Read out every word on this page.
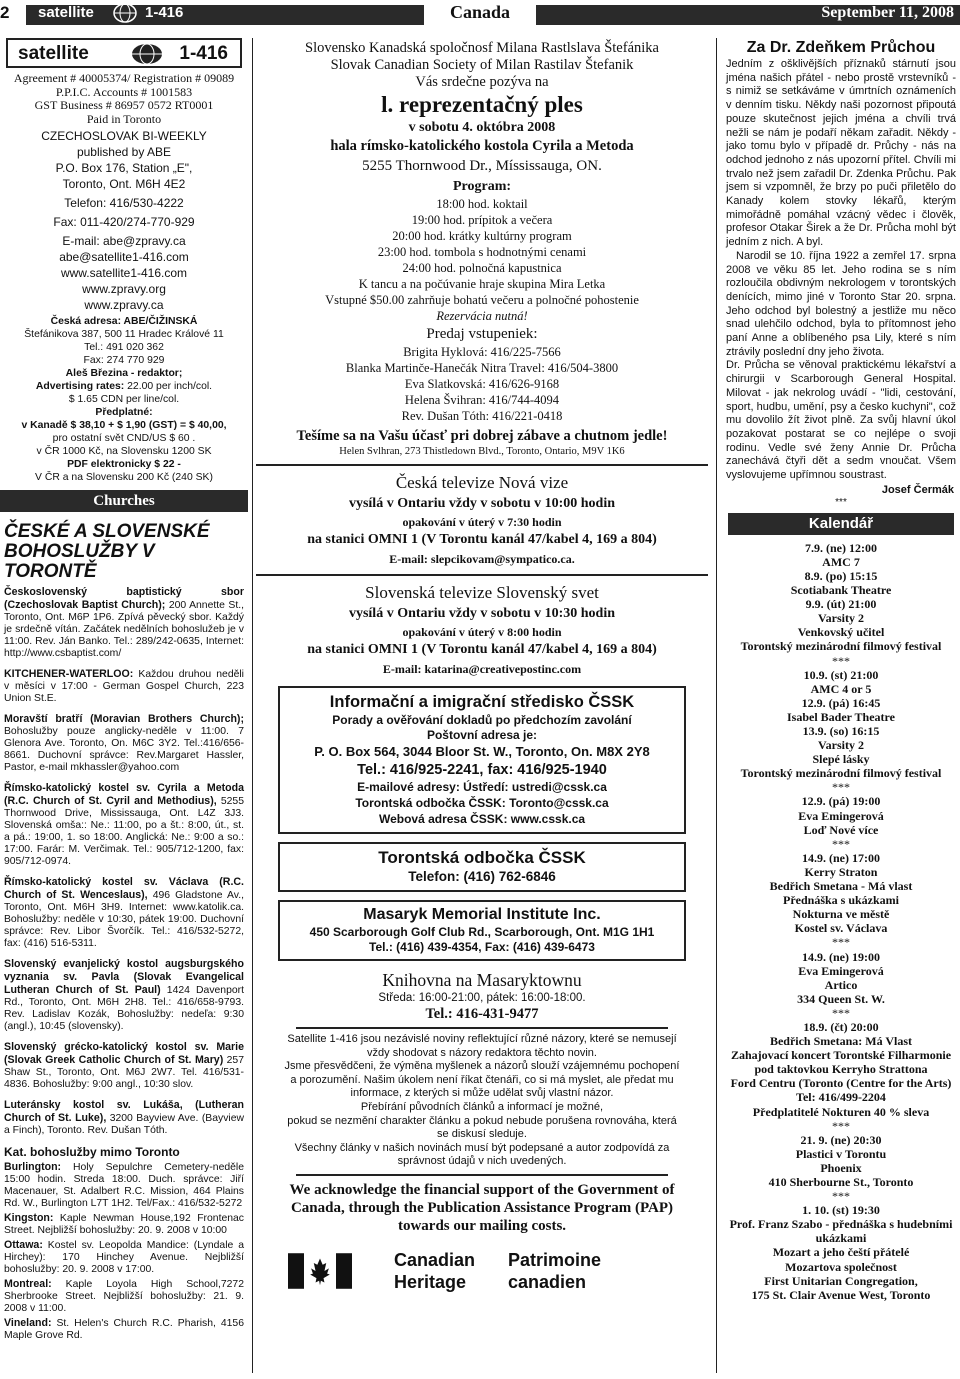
2	satellite	1-416	Canada	September 11, 2008
satellite	1-416
Agreement # 40005374/ Registration # 09089
P.P.I.C. Accounts # 1001583
GST Business # 86957 0572 RT0001
Paid in Toronto
CZECHOSLOVAK BI-WEEKLY
published by ABE
P.O. Box 176, Station „E",
Toronto, Ont. M6H 4E2
Telefon: 416/530-4222
Fax: 011-420/274-770-929
E-mail: abe@zpravy.ca
abe@satellite1-416.com
www.satellite1-416.com
www.zpravy.org
www.zpravy.ca
Česká adresa: ABE/ČIŽINSKÁ
Štefánikova 387, 500 11 Hradec Králové 11
Tel.: 491 020 362
Fax: 274 770 929
Aleš Březina - redaktor;
Advertising rates: 22.00 per inch/col.
$ 1.65 CDN per line/col.
Předplatné:
v Kanadě $ 38,10 + $ 1,90 (GST) = $ 40,00,
pro ostatní svět CND/US $ 60 .
v ČR 1000 Kč, na Slovensku 1200 SK
PDF elektronicky $ 22 -
V ČR a na Slovensku 200 Kč (240 SK)
Churches
ČESKÉ A SLOVENSKÉ BOHOSLUŽBY V TORONTĚ
Československý baptistický sbor (Czechoslovak Baptist Church); 200 Annette St., Toronto, Ont. M6P 1P6. Zpívá pěvecký sbor. Každý je srdečně vítán. Začátek nedělních bohoslužeb je v 11:00. Rev. Ján Banko. Tel.: 289/242-0635, Internet: http://www.csbaptist.com/
KITCHENER-WATERLOO: Každou druhou neděli v měsíci v 17:00 - German Gospel Church, 223 Union St.E.
Moravští bratří (Moravian Brothers Church); Bohoslužby pouze anglicky-neděle v 11:00. 7 Glenora Ave. Toronto, On. M6C 3Y2. Tel.:416/656-8661. Duchovní správce: Rev.Margaret Hassler, Pastor, e-mail mkhassler@yahoo.com
Římsko-katolický kostel sv. Cyrila a Metoda (R.C. Church of St. Cyril and Methodius), 5255 Thornwood Drive, Mississauga, Ont. L4Z 3J3. Slovenská omša:: Ne.: 11:00, po a št.: 8:00, út., st. a pá.: 19:00, 1. so 18:00. Anglická: Ne.: 9:00 a so.: 17:00. Farár: M. Verčimak. Tel.: 905/712-1200, fax: 905/712-0974.
Římsko-katolický kostel sv. Václava (R.C. Church of St. Wenceslaus), 496 Gladstone Av., Toronto, Ont. M6H 3H9. Internet: www.katolik.ca. Bohoslužby: neděle v 10:30, pátek 19:00. Duchovní správce: Rev. Libor Švorčík. Tel.: 416/532-5272, fax: (416) 516-5311.
Slovenský evanjelický kostol augsburgského vyznania sv. Pavla (Slovak Evangelical Lutheran Church of St. Paul) 1424 Davenport Rd., Toronto, Ont. M6H 2H8. Tel.: 416/658-9793. Rev. Ladislav Kozák, Bohoslužby: nedeľa: 9:30 (angl.), 10:45 (slovensky).
Slovenský grécko-katolický kostol sv. Marie (Slovak Greek Catholic Church of St. Mary) 257 Shaw St., Toronto, Ont. M6J 2W7. Tel. 416/531-4836. Bohoslužby: 9:00 angl., 10:30 slov.
Luteránsky kostol sv. Lukáša, (Lutheran Church of St. Luke), 3200 Bayview Ave. (Bayview a Finch), Toronto. Rev. Dušan Tóth.
Kat. bohoslužby mimo Toronto
Burlington: Holy Sepulchre Cemetery-neděle 15:00 hodin. Streda 18:00. Duch. správce: Jiří Macenauer, St. Adalbert R.C. Mission, 464 Plains Rd. W., Burlington L7T 1H2. Tel/Fax.: 416/532-5272
Kingston: Kaple Newman House,192 Frontenac Street. Nejbližší bohoslužby: 20. 9. 2008 v 10:00
Ottawa: Kostel sv. Leopolda Mandice: (Lyndale a Hirchey): 170 Hinchey Avenue. Nejbližší bohoslužby: 20. 9. 2008 v 17:00.
Montreal: Kaple Loyola High School,7272 Sherbrooke Street. Nejbližší bohoslužby: 21. 9. 2008 v 11:00.
Vineland: St. Helen's Church R.C. Pharish, 4156 Maple Grove Rd.
Slovensko Kanadská spoločnosf Milana Rastlslava Štefánika
Slovak Canadian Society of Milan Rastilav Štefanik
Vás srdečne pozýva na
l. reprezentačný ples
v sobotu 4. októbra 2008
hala rímsko-katolického kostola Cyrila a Metoda
5255 Thornwood Dr., Míssissauga, ON.
Program:
18:00 hod. koktail
19:00 hod. prípitok a večera
20:00 hod. krátky kultúrny program
23:00 hod. tombola s hodnotnými cenami
24:00 hod. polnočná kapustnica
K tancu a na počúvanie hraje skupina Mira Letka
Vstupné $50.00 zahrňuje bohatú večeru a polnočné pohostenie
Rezervácia nutná!
Predaj vstupeniek:
Brigita Hyklová: 416/225-7566
Blanka Martinče-Hanečák Nitra Travel: 416/504-3800
Eva Slatkovská: 416/626-9168
Helena Švihran: 416/744-4094
Rev. Dušan Tóth: 416/221-0418
Tešíme sa na Vašu účasť pri dobrej zábave a chutnom jedle!
Helen Svlhran, 273 Thistledown Blvd., Toronto, Ontario, M9V 1K6
Česká televize Nová vize
vysílá v Ontariu vždy v sobotu v 10:00 hodin
opakování v úterý v 7:30 hodin
na stanici OMNI 1 (V Torontu kanál 47/kabel 4, 169 a 804)
E-mail: slepcikovam@sympatico.ca.
Slovenská televize Slovenský svet
vysílá v Ontariu vždy v sobotu v 10:30 hodin
opakování v úterý v 8:00 hodin
na stanici OMNI 1 (V Torontu kanál 47/kabel 4, 169 a 804)
E-mail: katarina@creativepostinc.com
Informační a imigrační středisko ČSSK
Porady a ověřování dokladů po předchozím zavolání
Poštovní adresa je:
P. O. Box 564, 3044 Bloor St. W., Toronto, On. M8X 2Y8
Tel.: 416/925-2241, fax: 416/925-1940
E-mailové adresy: Ústředí: ustredi@cssk.ca
Torontská odbočka ČSSK: Toronto@cssk.ca
Webová adresa ČSSK: www.cssk.ca
Torontská odbočka ČSSK
Telefon: (416) 762-6846
Masaryk Memorial Institute Inc.
450 Scarborough Golf Club Rd., Scarborough, Ont. M1G 1H1
Tel.: (416) 439-4354, Fax: (416) 439-6473
Knihovna na Masaryktownu
Středa: 16:00-21:00, pátek: 16:00-18:00.
Tel.: 416-431-9477
Satellite 1-416 jsou nezávislé noviny reflektující různé názory, které se nemusejí vždy shodovat s názory redaktora těchto novin.
Jsme přesvědčeni, že výměna myšlenek a názorů slouží vzájemnému pochopení a porozumění. Našim úkolem není říkat čtenáři, co si má myslet, ale předat mu informace, z kterých si může udělat svůj vlastní názor.
Přebírání původních článků a informací je možné,
pokud se nezmění charakter článku a pokud nebude porušena rovnováha, která se diskusí sleduje.
Všechny články v našich novinách musí být podepsané a autor zodpovídá za správnost údajů v nich uvedených.
We acknowledge the financial support of the Government of Canada, through the Publication Assistance Program (PAP) towards our mailing costs.
Canadian
Heritage
Patrimoine
canadien
Za Dr. Zdeňkem Průchou
Jedním z ošklivějších příznaků stárnutí jsou jména našich přátel - nebo prostě vrstevníků - s nimiž se setkáváme v úmrtních oznámeních v denním tisku. Někdy naši pozornost připoutá pouze skutečnost jejich jména a chvíli trvá nežli se nám je podaří někam zařadit. Někdy - jako tomu bylo v případě dr. Průchy - nás na odchod jednoho z nás upozorní přítel. Chvíli mi trvalo než jsem zařadil Dr. Zdenka Průchu. Pak jsem si vzpomněl, že brzy po puči přiletělo do Kanady kolem stovky lékařů, kterým mimořádně pomáhal vzácný vědec i člověk, profesor Otakar Širek a že Dr. Průcha mohl být jedním z nich. A byl.
Narodil se 10. října 1922 a zemřel 17. srpna 2008 ve věku 85 let. Jeho rodina se s ním rozloučila obdivným nekrologem v torontských denících, mimo jiné v Toronto Star 20. srpna. Jeho odchod byl bolestný a jestliže mu něco snad ulehčilo odchod, byla to přítomnost jeho paní Anne a oblíbeného psa Lily, které s ním ztrávily poslední dny jeho života.
Dr. Průcha se věnoval praktickému lékařství a chirurgii v Scarborough General Hospital. Milovat - jak nekrolog uvádí - "lidi, cestování, sport, hudbu, umění, psy a česko kuchyni", což mu dovolilo žít život plně. Za svůj hlavní úkol pozakovat postarat se co nejlépe o svoji rodinu. Vedle své ženy Annie Dr. Průcha zanechává čtyři dět a sedm vnoučat. Všem vyslovujeme upřímnou soustrast.
Josef Čermák
***
Kalendář
7.9. (ne) 12:00
AMC 7
8.9. (po) 15:15
Scotiabank Theatre
9.9. (út) 21:00
Varsity 2
Venkovský učitel
Torontský mezinárodní filmový festival
***
10.9. (st) 21:00
AMC 4 or 5
12.9. (pá) 16:45
Isabel Bader Theatre
13.9. (so) 16:15
Varsity 2
Slepé lásky
Torontský mezinárodní filmový festival
***
12.9. (pá) 19:00
Eva Emingerová
Loď Nové více
***
14.9. (ne) 17:00
Kerry Straton
Bedřich Smetana - Má vlast
Přednáška s ukázkami
Nokturna ve městě
Kostel sv. Václava
***
14.9. (ne) 19:00
Eva Emingerová
Artico
334 Queen St. W.
***
18.9. (čt) 20:00
Bedřich Smetana: Má Vlast
Zahajovací koncert Torontské Filharmonie
pod taktovkou Kerryho Strattona
Ford Centru (Toronto (Centre for the Arts)
Tel: 416/499-2204
Předplatitelé Nokturen 40 % sleva
***
21. 9. (ne) 20:30
Plastici v Torontu
Phoenix
410 Sherbourne St., Toronto
***
1. 10. (st) 19:30
Prof. Franz Szabo - přednáška s hudebními ukázkami
Mozart a jeho čeští přátelé
Mozartova společnost
First Unitarian Congregation,
175 St. Clair Avenue West, Toronto
